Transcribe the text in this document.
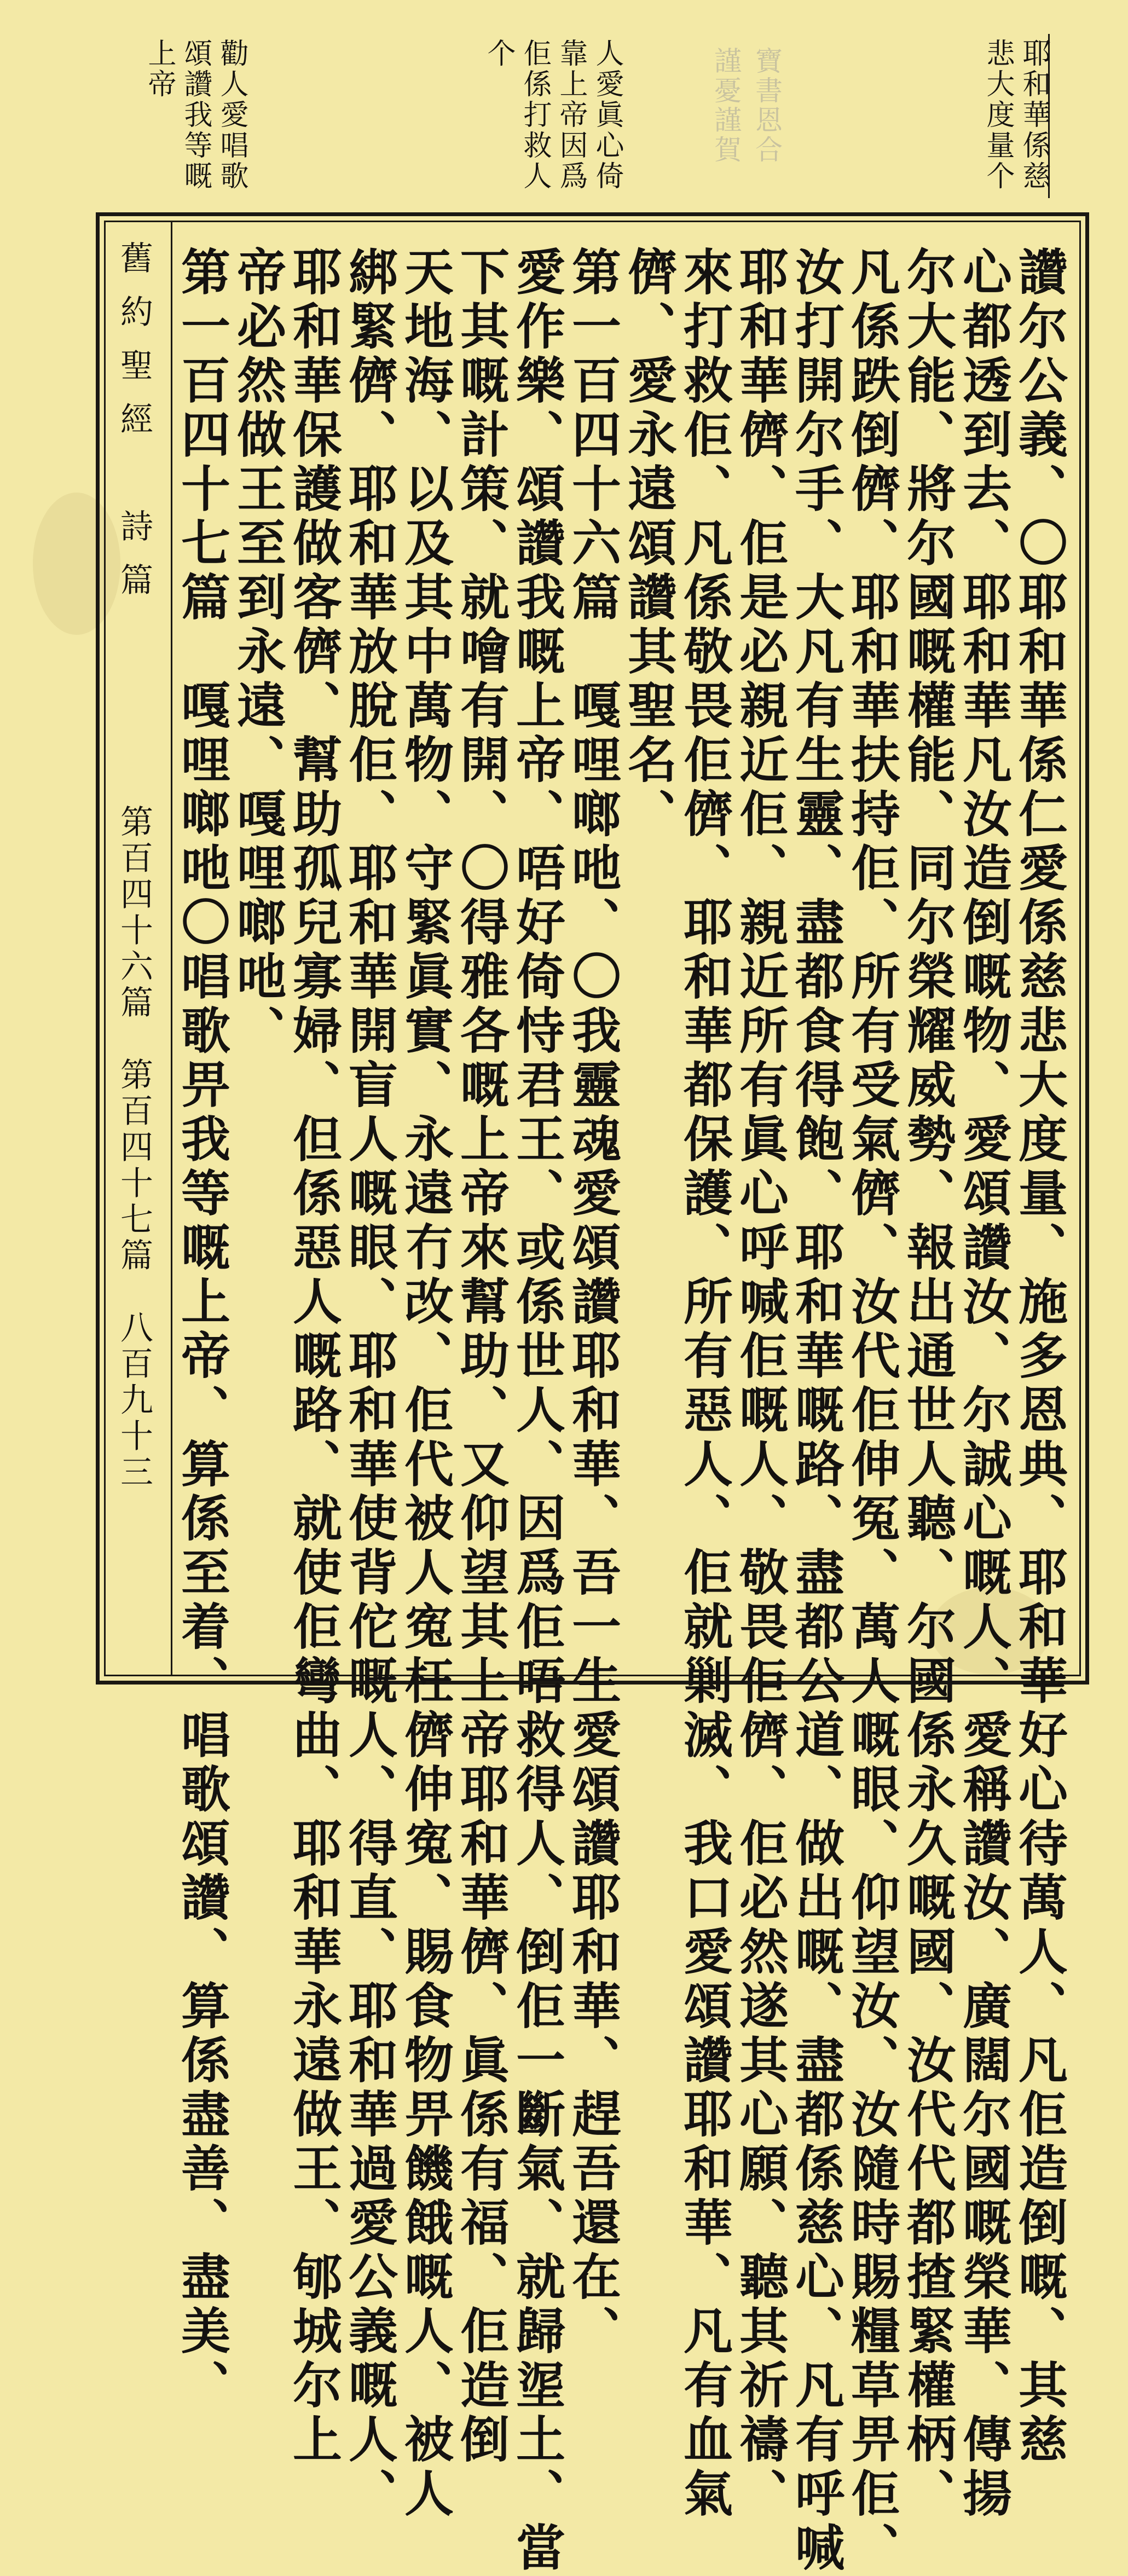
謹憂謹賀 寶書恩合	耶和華係慈
悲大度量个
人愛眞心倚
靠上帝因爲
佢係打救人
个
勸人愛唱歌
頌讚我等嘅
上帝
舊約聖經　詩篇
第百四十六篇　第百四十七篇　八百九十三	讚尔公義、〇耶和華係仁愛係慈悲大度量、施多恩典、耶和華好心待萬人、凡佢造倒嘅、其慈
心都透到去、耶和華凡汝造倒嘅物、愛頌讚汝、尔誠心嘅人、愛稱讚汝、廣闊尔國嘅榮華、傳揚
尔大能、將尔國嘅權能、同尔榮耀威勢、報出通世人聽、尔國係永久嘅國、汝代代都揸緊權柄、
凡係跌倒儕、耶和華扶持佢、所有受氣儕、汝代佢伸冤、萬人嘅眼、仰望汝、汝隨時賜糧草畀佢、
汝打開尔手、大凡有生靈、盡都食得飽、耶和華嘅路、盡都公道、做出嘅、盡都係慈心、凡有呼喊
耶和華儕、佢是必親近佢、親近所有眞心呼喊佢嘅人、敬畏佢儕、佢必然遂其心願、聽其祈禱、
來打救佢、凡係敬畏佢儕、耶和華都保護、所有惡人、佢就剿滅、我口愛頌讚耶和華、凡有血氣
儕、愛永遠頌讚其聖名、
第一百四十六篇　嘎哩啷吔、〇我靈魂愛頌讚耶和華、吾一生愛頌讚耶和華、趕吾還在、
愛作樂、頌讚我嘅上帝、唔好倚恃君王、或係世人、因爲佢唔救得人、倒佢一斷氣、就歸埿土、當
下其嘅計策、就噲有開、〇得雅各嘅上帝來幫助、又仰望其上帝耶和華儕、眞係有福、佢造倒
天地海、以及其中萬物、守緊眞實、永遠冇改、佢代被人寃枉儕伸寃、賜食物畀饑餓嘅人、被人
綁緊儕、耶和華放脫佢、耶和華開盲人嘅眼、耶和華使背佗嘅人、得直、耶和華過愛公義嘅人、
耶和華保護做客儕、幫助孤兒寡婦、但係惡人嘅路、就使佢彎曲、耶和華永遠做王、郇城尔上
帝必然做王至到永遠、嘎哩啷吔、
第一百四十七篇　嘎哩啷吔〇唱歌畀我等嘅上帝、算係至着、唱歌頌讚、算係盡善、盡美、
